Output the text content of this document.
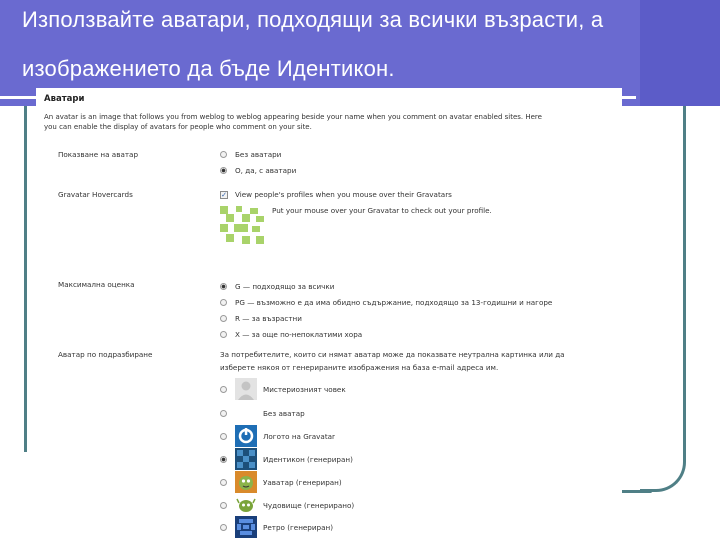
Използвайте аватари, подходящи за всички възрасти, а
изображението да бъде Идентикон.
Аватари
An avatar is an image that follows you from weblog to weblog appearing beside your name when you comment on avatar enabled sites. Here
you can enable the display of avatars for people who comment on your site.
Показване на аватар	Без аватари
О, да, с аватари
Gravatar Hovercards	✓ View people's profiles when you mouse over their Gravatars
Put your mouse over your Gravatar to check out your profile.
Максимална оценка	G — подходящо за всички
PG — възможно е да има обидно съдържание, подходящо за 13-годишни и нагоре
R — за възрастни
X — за още по-непоклатими хора
Аватар по подразбиране	За потребителите, които си нямат аватар може да показвате неутрална картинка или да
изберете някоя от генерираните изображения на база e-mail адреса им.
Мистериозният човек
Без аватар
Логото на Gravatar
Идентикон (генериран)
Уаватар (генериран)
Чудовище (генерирано)
Ретро (генериран)
